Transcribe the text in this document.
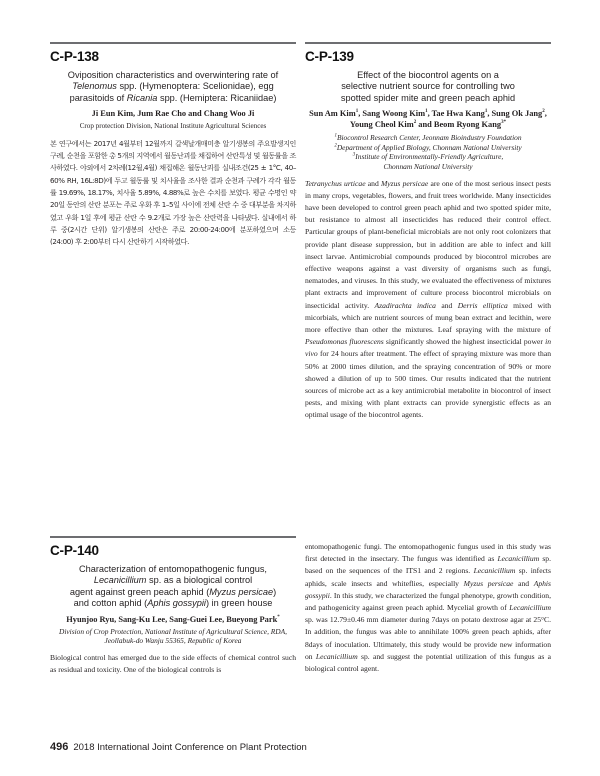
C-P-138
Oviposition characteristics and overwintering rate of
Telenomus spp. (Hymenoptera: Scelionidae), egg
parasitoids of Ricania spp. (Hemiptera: Ricaniidae)
Ji Eun Kim, Jum Rae Cho and Chang Woo Ji
Crop protection Division, National Institute Agricultural Sciences
본 연구에서는 2017년 4월부터 12월까지 갈색날개매미충 알기생봉의 주요발생지인 구례, 순천을 포함한 총 5개의 지역에서 월동난괴를 채집하여 산란특성 및 월동률을 조사하였다. 야외에서 2차례(12월,4월) 채집해온 월동난괴를 실내조건(25 ± 1°C, 40–60% RH, 16L:8D)에 두고 월동률 및 치사율을 조사한 결과 순천과 구례가 각각 월동률 19.69%, 18.17%, 치사율 5.89%, 4.88%로 높은 수치를 보였다. 평균 수명인 약 20일 동안의 산란 분포는 주로 우화 후 1–5일 사이에 전체 산란 수 중 대부분을 차지하였고 우화 1일 후에 평균 산란 수 9.2개로 가장 높은 산란력을 나타냈다. 실내에서 하루 중(2시간 단위) 알기생봉의 산란은 주로 20:00-24:00에 분포하였으며 소등(24:00) 후 2:00부터 다시 산란하기 시작하였다.
C-P-139
Effect of the biocontrol agents on a
selective nutrient source for controlling two
spotted spider mite and green peach aphid
Sun Am Kim$^1$, Sang Woong Kim$^1$, Tae Hwa Kang$^1$, Sung Ok Jang$^2$, Young Cheol Kim$^2$ and Beom Ryong Kang$^{3*}$
$^1$Biocontrol Research Center, Jeonnam Bioindustry Foundation
$^2$Department of Applied Biology, Chonnam National University
$^3$Institute of Environmentally-Friendly Agriculture,
Chonnam National University
Tetranychus urticae and Myzus persicae are one of the most serious insect pests in many crops, vegetables, flowers, and fruit trees worldwide. Many insecticides have been developed to control green peach aphid and two spotted spider mite, but resistance to almost all insecticides has reduced their control effect. Particular groups of plant-beneficial microbials are not only root colonizers that provide plant disease suppression, but in addition are able to infect and kill insect larvae. Antimicrobial compounds produced by biocontrol microbes are effective weapons against a vast diversity of organisms such as fungi, nematodes, and viruses. In this study, we evaluated the effectiveness of mixtures plant extracts and improvement of culture process biocontrol microbials on insecticidal activity. Azadirachta indica and Derris elliptica mixed with micorbials, which are nutrient sources of mung bean extract and lecithin, were more effective than other the mixtures. Leaf spraying with the mixture of Pseudomonas fluorescens significantly showed the highest insecticidal power in vivo for 24 hours after treatment. The effect of spraying mixture was more than 50% at 2000 times dilution, and the spraying concentration of 90% or more showed a dilution of up to 500 times. Our results indicated that the nutrient sources of microbe act as a key antimicrobial metabolite in biocontrol of insect pests, and mixing with plant extracts can provide synergistic effects as an optimal usage of the biocontrol agents.
C-P-140
Characterization of entomopathogenic fungus,
Lecanicillium sp. as a biological control
agent against green peach aphid (Myzus persicae)
and cotton aphid (Aphis gossypii) in green house
Hyunjoo Ryu, Sang-Ku Lee, Sang-Guei Lee, Bueyong Park*
Division of Crop Protection, National Institute of Agricultural Science, RDA, Jeollabuk-do Wanju 55365, Republic of Korea
Biological control has emerged due to the side effects of chemical control such as residual and toxicity. One of the biological controls is
entomopathogenic fungi. The entomopathogenic fungus used in this study was first detected in the insectary. The fungus was identified as Lecanicillium sp. based on the sequences of the ITS1 and 2 regions. Lecanicillium sp. infects aphids, scale insects and whiteflies, especially Myzus persicae and Aphis gossypii. In this study, we characterized the fungal phenotype, growth condition, and pathogenicity against green peach aphid. Mycelial growth of Lecanicillium sp. was 12.79±0.46 mm diameter during 7days on potato dextrose agar at 25°C. In addition, the fungus was able to annihilate 100% green peach aphids, after 8days of inoculation. Ultimately, this study would be provide new information on Lecanicillium sp. and suggest the potential utilization of this fungus as a biological control agent.
496 2018 International Joint Conference on Plant Protection
